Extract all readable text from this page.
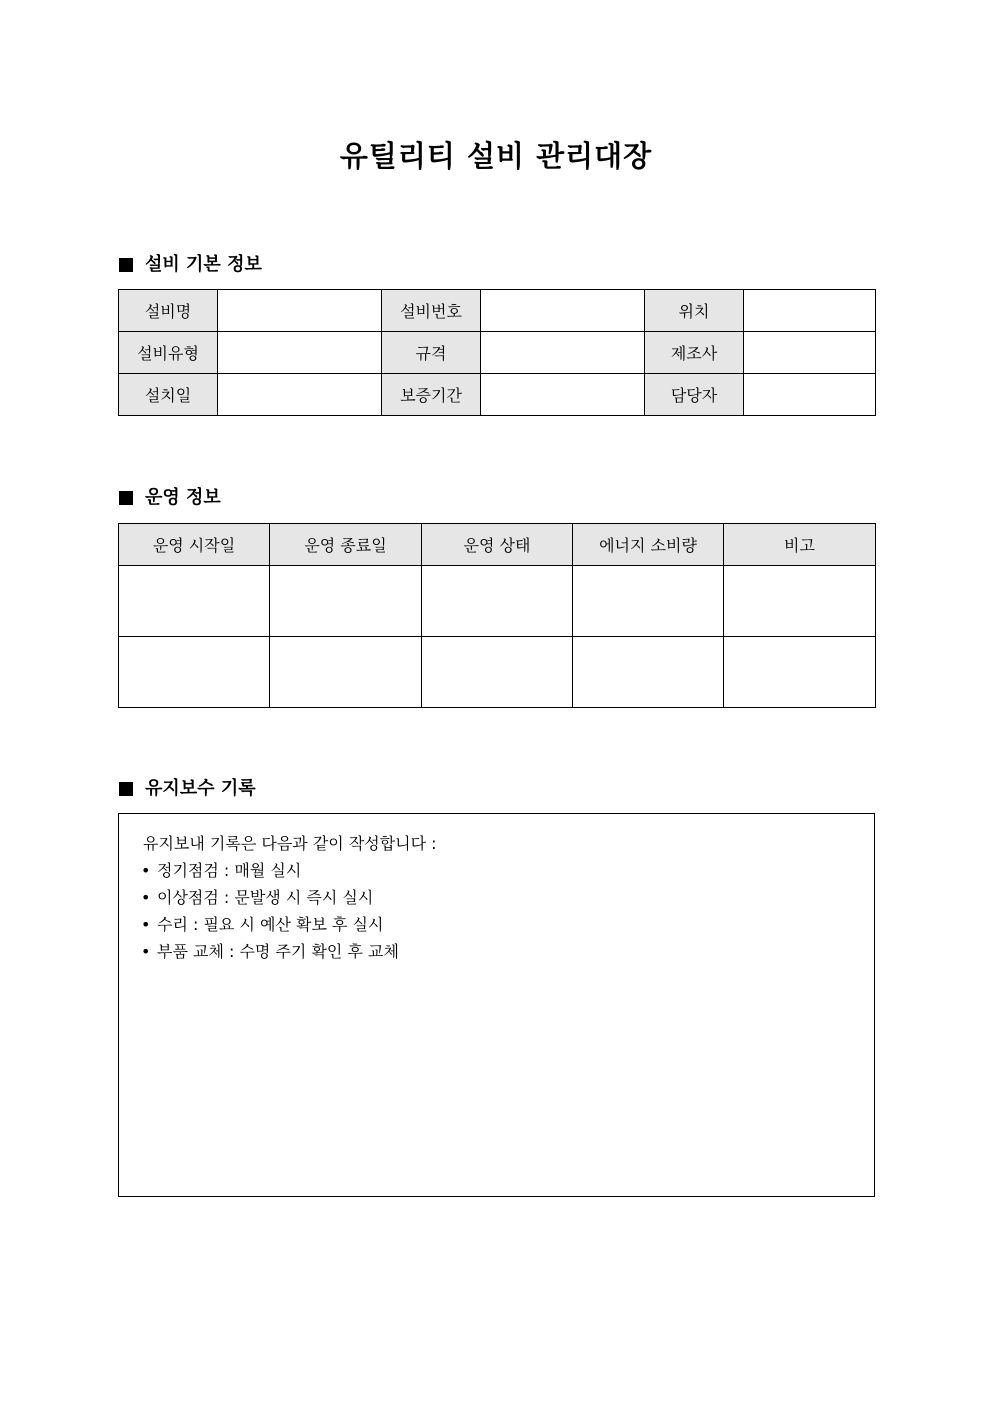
유틸리티 설비 관리대장
설비 기본 정보
설비명		설비번호		위치	
설비유형		규격		제조사	
설치일		보증기간		담당자	
운영 정보
운영 시작일	운영 종료일	운영 상태	에너지 소비량	비고

유지보수 기록
유지보내 기록은 다음과 같이 작성합니다 :
• 정기점검 : 매월 실시
• 이상점검 : 문발생 시 즉시 실시
• 수리 : 필요 시 예산 확보 후 실시
• 부품 교체 : 수명 주기 확인 후 교체
